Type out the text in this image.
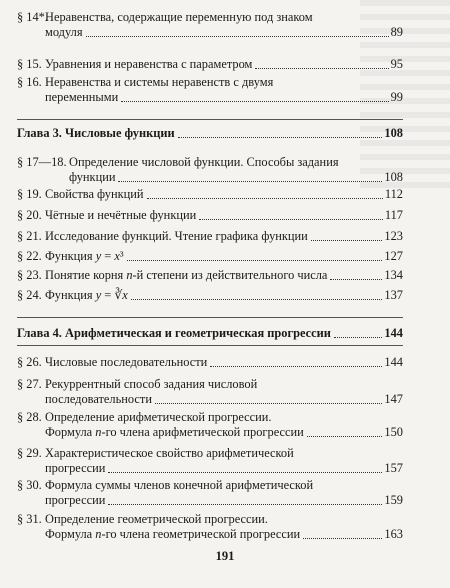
§ 14*.
Неравенства, содержащие переменную под знаком
модуля	89
§ 15. Уравнения и неравенства с параметром	95
§ 16. Неравенства и системы неравенств с двумя
переменными	99
Глава 3. Числовые функции	108
§ 17—18. Определение числовой функции. Способы задания
функции	108
§ 19. Свойства функций	112
§ 20. Чётные и нечётные функции	117
§ 21. Исследование функций. Чтение графика функции	123
§ 22. Функция y = x³	127
§ 23. Понятие корня n-й степени из действительного числа	134
§ 24. Функция y = ∛x	137
Глава 4. Арифметическая и геометрическая прогрессии	144
§ 26. Числовые последовательности	144
§ 27. Рекуррентный способ задания числовой
последовательности	147
§ 28. Определение арифметической прогрессии.
Формула n-го члена арифметической прогрессии	150
§ 29. Характеристическое свойство арифметической
прогрессии	157
§ 30. Формула суммы членов конечной арифметической
прогрессии	159
§ 31. Определение геометрической прогрессии.
Формула n-го члена геометрической прогрессии	163
191
